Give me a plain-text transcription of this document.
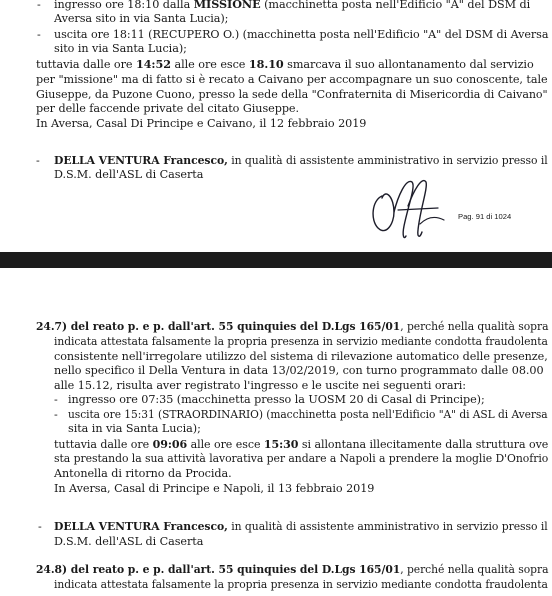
- ingresso ore 18:10 dalla MISSIONE (macchinetta posta nell'Edificio "A" del DSM di
Aversa sito in via Santa Lucia);
- uscita ore 18:11 (RECUPERO O.) (macchinetta posta nell'Edificio "A" del DSM di Aversa
sito in via Santa Lucia);
tuttavia dalle ore 14:52 alle ore esce 18.10 smarcava il suo allontanamento dal servizio
per "missione" ma di fatto si è recato a Caivano per accompagnare un suo conoscente, tale
Giuseppe, da Puzone Cuono, presso la sede della "Confraternita di Misericordia di Caivano"
per delle faccende private del citato Giuseppe.
In Aversa, Casal Di Principe e Caivano, il 12 febbraio 2019
- DELLA VENTURA Francesco, in qualità di assistente amministrativo in servizio presso il
D.S.M. dell'ASL di Caserta
Pag. 91 di 1024
24.7) del reato p. e p. dall'art. 55 quinquies del D.Lgs 165/01, perché nella qualità sopra
indicata attestata falsamente la propria presenza in servizio mediante condotta fraudolenta
consistente nell'irregolare utilizzo del sistema di rilevazione automatico delle presenze,
nello specifico il Della Ventura in data 13/02/2019, con turno programmato dalle 08.00
alle 15.12, risulta aver registrato l'ingresso e le uscite nei seguenti orari:
- ingresso ore 07:35 (macchinetta presso la UOSM 20 di Casal di Principe);
- uscita ore 15:31 (STRAORDINARIO) (macchinetta posta nell'Edificio "A" di ASL di Aversa
sita in via Santa Lucia);
tuttavia dalle ore 09:06 alle ore esce 15:30 si allontana illecitamente dalla struttura ove
sta prestando la sua attività lavorativa per andare a Napoli a prendere la moglie D'Onofrio
Antonella di ritorno da Procida.
In Aversa, Casal di Principe e Napoli, il 13 febbraio 2019
- DELLA VENTURA Francesco, in qualità di assistente amministrativo in servizio presso il
D.S.M. dell'ASL di Caserta
24.8) del reato p. e p. dall'art. 55 quinquies del D.Lgs 165/01, perché nella qualità sopra
indicata attestata falsamente la propria presenza in servizio mediante condotta fraudolenta
